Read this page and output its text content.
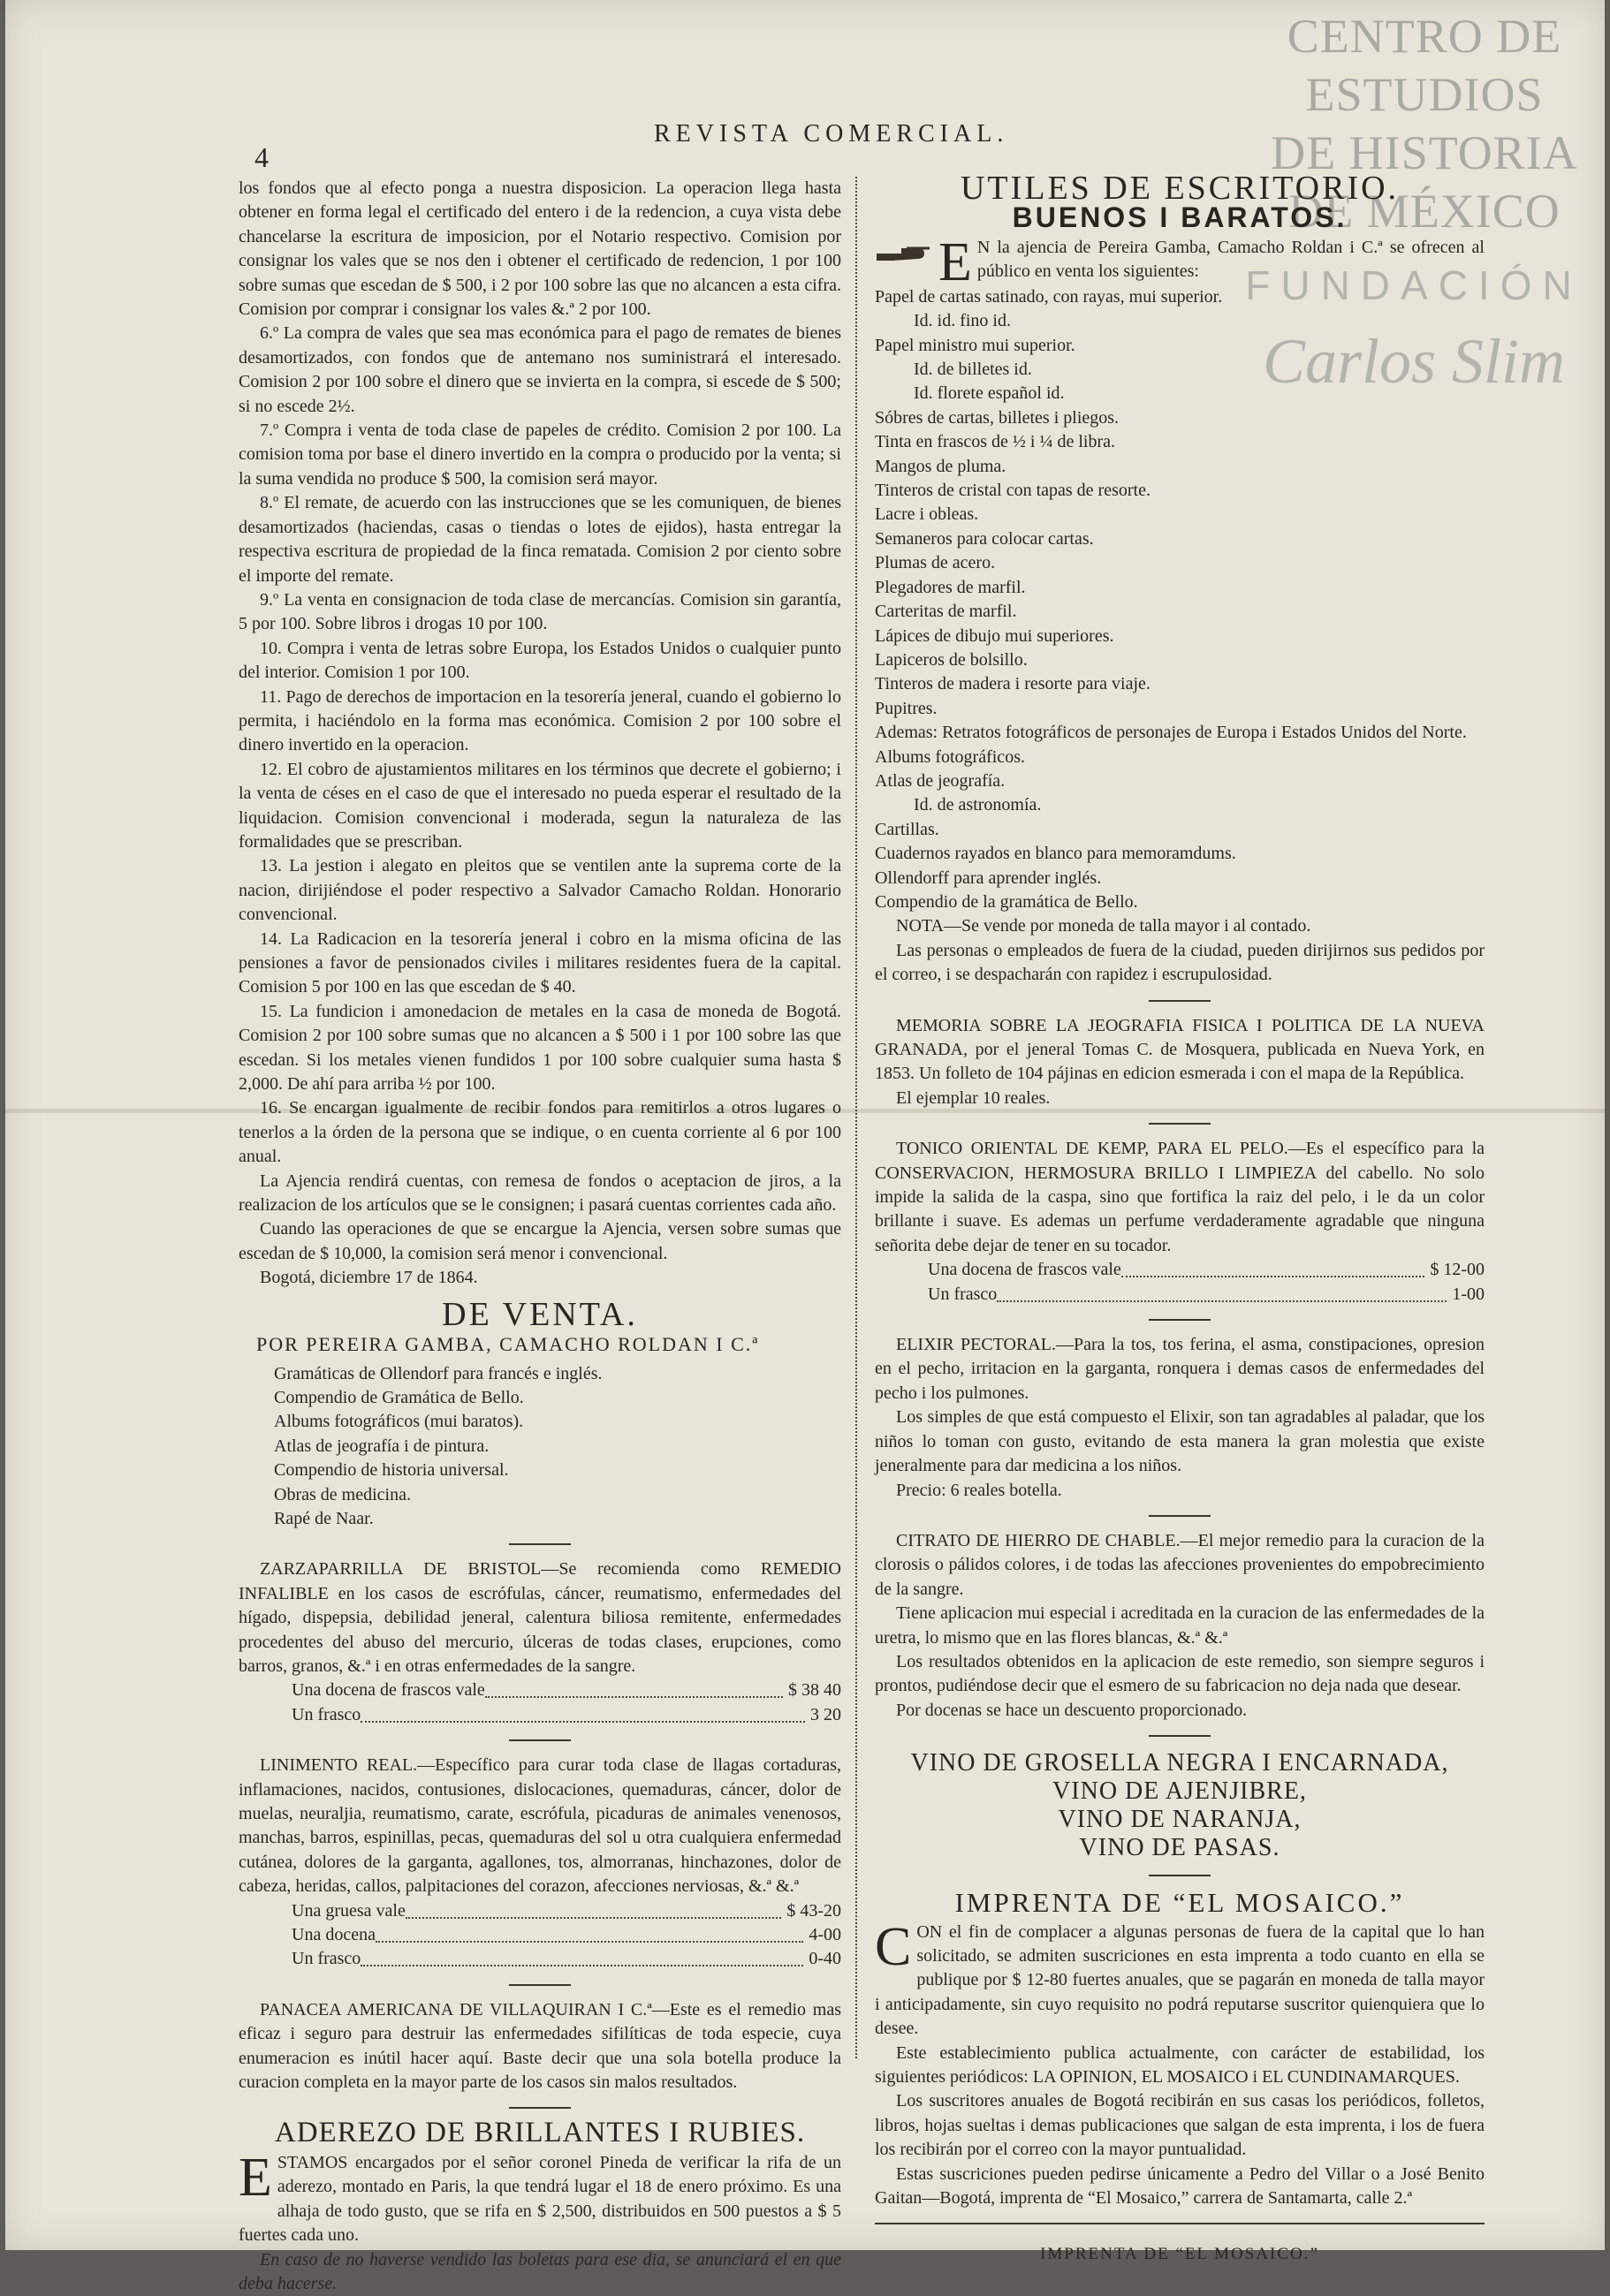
CENTRO DE
ESTUDIOS
DE HISTORIA
DE MÉXICO
FUNDACIÓN
Carlos Slim
4
REVISTA COMERCIAL.

los fondos que al efecto ponga a nuestra disposicion. La operacion llega hasta obtener en forma legal el certificado del entero i de la redencion, a cuya vista debe chancelarse la escritura de imposicion, por el Notario respectivo. Comision por consignar los vales que se nos den i obtener el certificado de redencion, 1 por 100 sobre sumas que escedan de $ 500, i 2 por 100 sobre las que no alcancen a esta cifra. Comision por comprar i consignar los vales &.ª 2 por 100.

6.º La compra de vales que sea mas económica para el pago de remates de bienes desamortizados, con fondos que de antemano nos suministrará el interesado. Comision 2 por 100 sobre el dinero que se invierta en la compra, si escede de $ 500; si no escede 2½.

7.º Compra i venta de toda clase de papeles de crédito. Comision 2 por 100. La comision toma por base el dinero invertido en la compra o producido por la venta; si la suma vendida no produce $ 500, la comision será mayor.

8.º El remate, de acuerdo con las instrucciones que se les comuniquen, de bienes desamortizados (haciendas, casas o tiendas o lotes de ejidos), hasta entregar la respectiva escritura de propiedad de la finca rematada. Comision 2 por ciento sobre el importe del remate.

9.º La venta en consignacion de toda clase de mercancías. Comision sin garantía, 5 por 100. Sobre libros i drogas 10 por 100.

10. Compra i venta de letras sobre Europa, los Estados Unidos o cualquier punto del interior. Comision 1 por 100.

11. Pago de derechos de importacion en la tesorería jeneral, cuando el gobierno lo permita, i haciéndolo en la forma mas económica. Comision 2 por 100 sobre el dinero invertido en la operacion.

12. El cobro de ajustamientos militares en los términos que decrete el gobierno; i la venta de céses en el caso de que el interesado no pueda esperar el resultado de la liquidacion. Comision convencional i moderada, segun la naturaleza de las formalidades que se prescriban.

13. La jestion i alegato en pleitos que se ventilen ante la suprema corte de la nacion, dirijiéndose el poder respectivo a Salvador Camacho Roldan. Honorario convencional.

14. La Radicacion en la tesorería jeneral i cobro en la misma oficina de las pensiones a favor de pensionados civiles i militares residentes fuera de la capital. Comision 5 por 100 en las que escedan de $ 40.

15. La fundicion i amonedacion de metales en la casa de moneda de Bogotá. Comision 2 por 100 sobre sumas que no alcancen a $ 500 i 1 por 100 sobre las que escedan. Si los metales vienen fundidos 1 por 100 sobre cualquier suma hasta $ 2,000. De ahí para arriba ½ por 100.

16. Se encargan igualmente de recibir fondos para remitirlos a otros lugares o tenerlos a la órden de la persona que se indique, o en cuenta corriente al 6 por 100 anual.

La Ajencia rendirá cuentas, con remesa de fondos o aceptacion de jiros, a la realizacion de los artículos que se le consignen; i pasará cuentas corrientes cada año.

Cuando las operaciones de que se encargue la Ajencia, versen sobre sumas que escedan de $ 10,000, la comision será menor i convencional.

Bogotá, diciembre 17 de 1864.

DE VENTA.
POR PEREIRA GAMBA, CAMACHO ROLDAN I C.ª
Gramáticas de Ollendorf para francés e inglés.
Compendio de Gramática de Bello.
Albums fotográficos (mui baratos).
Atlas de jeografía i de pintura.
Compendio de historia universal.
Obras de medicina.
Rapé de Naar.

ZARZAPARRILLA DE BRISTOL—Se recomienda como REMEDIO INFALIBLE en los casos de escrófulas, cáncer, reumatismo, enfermedades del hígado, dispepsia, debilidad jeneral, calentura biliosa remitente, enfermedades procedentes del abuso del mercurio, úlceras de todas clases, erupciones, como barros, granos, &.ª i en otras enfermedades de la sangre.

Una docena de frascos vale	$ 38 40
Un frasco	3 20

LINIMENTO REAL.—Específico para curar toda clase de llagas cortaduras, inflamaciones, nacidos, contusiones, dislocaciones, quemaduras, cáncer, dolor de muelas, neuraljia, reumatismo, carate, escrófula, picaduras de animales venenosos, manchas, barros, espinillas, pecas, quemaduras del sol u otra cualquiera enfermedad cutánea, dolores de la garganta, agallones, tos, almorranas, hinchazones, dolor de cabeza, heridas, callos, palpitaciones del corazon, afecciones nerviosas, &.ª &.ª

Una gruesa vale	$ 43-20
Una docena	4-00
Un frasco	0-40

PANACEA AMERICANA DE VILLAQUIRAN I C.ª—Este es el remedio mas eficaz i seguro para destruir las enfermedades sifilíticas de toda especie, cuya enumeracion es inútil hacer aquí. Baste decir que una sola botella produce la curacion completa en la mayor parte de los casos sin malos resultados.

ADEREZO DE BRILLANTES I RUBIES.
E STAMOS encargados por el señor coronel Pineda de verificar la rifa de un aderezo, montado en Paris, la que tendrá lugar el 18 de enero próximo. Es una alhaja de todo gusto, que se rifa en $ 2,500, distribuidos en 500 puestos a $ 5 fuertes cada uno.

En caso de no haverse vendido las boletas para ese dia, se anunciará el en que deba hacerse.

UTILES DE ESCRITORIO.
BUENOS I BARATOS.
E N la ajencia de Pereira Gamba, Camacho Roldan i C.ª se ofrecen al público en venta los siguientes:
Papel de cartas satinado, con rayas, mui superior.
Id. id. fino id.
Papel ministro mui superior.
Id. de billetes id.
Id. florete español id.
Sóbres de cartas, billetes i pliegos.
Tinta en frascos de ½ i ¼ de libra.
Mangos de pluma.
Tinteros de cristal con tapas de resorte.
Lacre i obleas.
Semaneros para colocar cartas.
Plumas de acero.
Plegadores de marfil.
Carteritas de marfil.
Lápices de dibujo mui superiores.
Lapiceros de bolsillo.
Tinteros de madera i resorte para viaje.
Pupitres.
Ademas: Retratos fotográficos de personajes de Europa i Estados Unidos del Norte.
Albums fotográficos.
Atlas de jeografía.
Id. de astronomía.
Cartillas.
Cuadernos rayados en blanco para memoramdums.
Ollendorff para aprender inglés.
Compendio de la gramática de Bello.

NOTA—Se vende por moneda de talla mayor i al contado.

Las personas o empleados de fuera de la ciudad, pueden dirijirnos sus pedidos por el correo, i se despacharán con rapidez i escrupulosidad.

MEMORIA SOBRE LA JEOGRAFIA FISICA I POLITICA DE LA NUEVA GRANADA, por el jeneral Tomas C. de Mosquera, publicada en Nueva York, en 1853. Un folleto de 104 pájinas en edicion esmerada i con el mapa de la República.

El ejemplar 10 reales.

TONICO ORIENTAL DE KEMP, PARA EL PELO.—Es el específico para la CONSERVACION, HERMOSURA BRILLO I LIMPIEZA del cabello. No solo impide la salida de la caspa, sino que fortifica la raiz del pelo, i le da un color brillante i suave. Es ademas un perfume verdaderamente agradable que ninguna señorita debe dejar de tener en su tocador.

Una docena de frascos vale	$ 12-00
Un frasco	1-00

ELIXIR PECTORAL.—Para la tos, tos ferina, el asma, constipaciones, opresion en el pecho, irritacion en la garganta, ronquera i demas casos de enfermedades del pecho i los pulmones.

Los simples de que está compuesto el Elixir, son tan agradables al paladar, que los niños lo toman con gusto, evitando de esta manera la gran molestia que existe jeneralmente para dar medicina a los niños.

Precio: 6 reales botella.

CITRATO DE HIERRO DE CHABLE.—El mejor remedio para la curacion de la clorosis o pálidos colores, i de todas las afecciones provenientes do empobrecimiento de la sangre.

Tiene aplicacion mui especial i acreditada en la curacion de las enfermedades de la uretra, lo mismo que en las flores blancas, &.ª &.ª

Los resultados obtenidos en la aplicacion de este remedio, son siempre seguros i prontos, pudiéndose decir que el esmero de su fabricacion no deja nada que desear.

Por docenas se hace un descuento proporcionado.

VINO DE GROSELLA NEGRA I ENCARNADA,
VINO DE AJENJIBRE,
VINO DE NARANJA,
VINO DE PASAS.
IMPRENTA DE “EL MOSAICO.”
C ON el fin de complacer a algunas personas de fuera de la capital que lo han solicitado, se admiten suscriciones en esta imprenta a todo cuanto en ella se publique por $ 12-80 fuertes anuales, que se pagarán en moneda de talla mayor i anticipadamente, sin cuyo requisito no podrá reputarse suscritor quienquiera que lo desee.

Este establecimiento publica actualmente, con carácter de estabilidad, los siguientes periódicos: LA OPINION, EL MOSAICO i EL CUNDINAMARQUES.

Los suscritores anuales de Bogotá recibirán en sus casas los periódicos, folletos, libros, hojas sueltas i demas publicaciones que salgan de esta imprenta, i los de fuera los recibirán por el correo con la mayor puntualidad.

Estas suscriciones pueden pedirse únicamente a Pedro del Villar o a José Benito Gaitan—Bogotá, imprenta de “El Mosaico,” carrera de Santamarta, calle 2.ª

IMPRENTA DE “EL MOSAICO.”
